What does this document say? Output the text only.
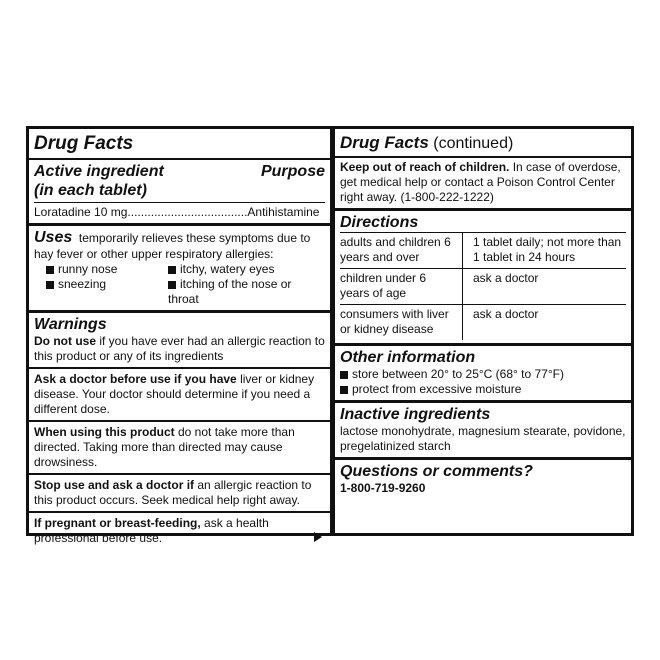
Drug Facts
Active ingredient	Purpose
(in each tablet)
Loratadine 10 mg....................................Antihistamine
Uses temporarily relieves these symptoms due to
hay fever or other upper respiratory allergies:
runny nose	itchy, watery eyes
sneezing	itching of the nose or throat
Warnings
Do not use if you have ever had an allergic reaction to this product or any of its ingredients
Ask a doctor before use if you have liver or kidney disease. Your doctor should determine if you need a different dose.
When using this product do not take more than directed. Taking more than directed may cause drowsiness.
Stop use and ask a doctor if an allergic reaction to this product occurs. Seek medical help right away.
If pregnant or breast-feeding, ask a health professional before use.
Drug Facts (continued)
Keep out of reach of children. In case of overdose, get medical help or contact a Poison Control Center right away. (1-800-222-1222)
Directions
adults and children 6 years and over	1 tablet daily; not more than 1 tablet in 24 hours
children under 6 years of age	ask a doctor
consumers with liver or kidney disease	ask a doctor
Other information
store between 20° to 25°C (68° to 77°F)
protect from excessive moisture
Inactive ingredients
lactose monohydrate, magnesium stearate, povidone, pregelatinized starch
Questions or comments?
1-800-719-9260
